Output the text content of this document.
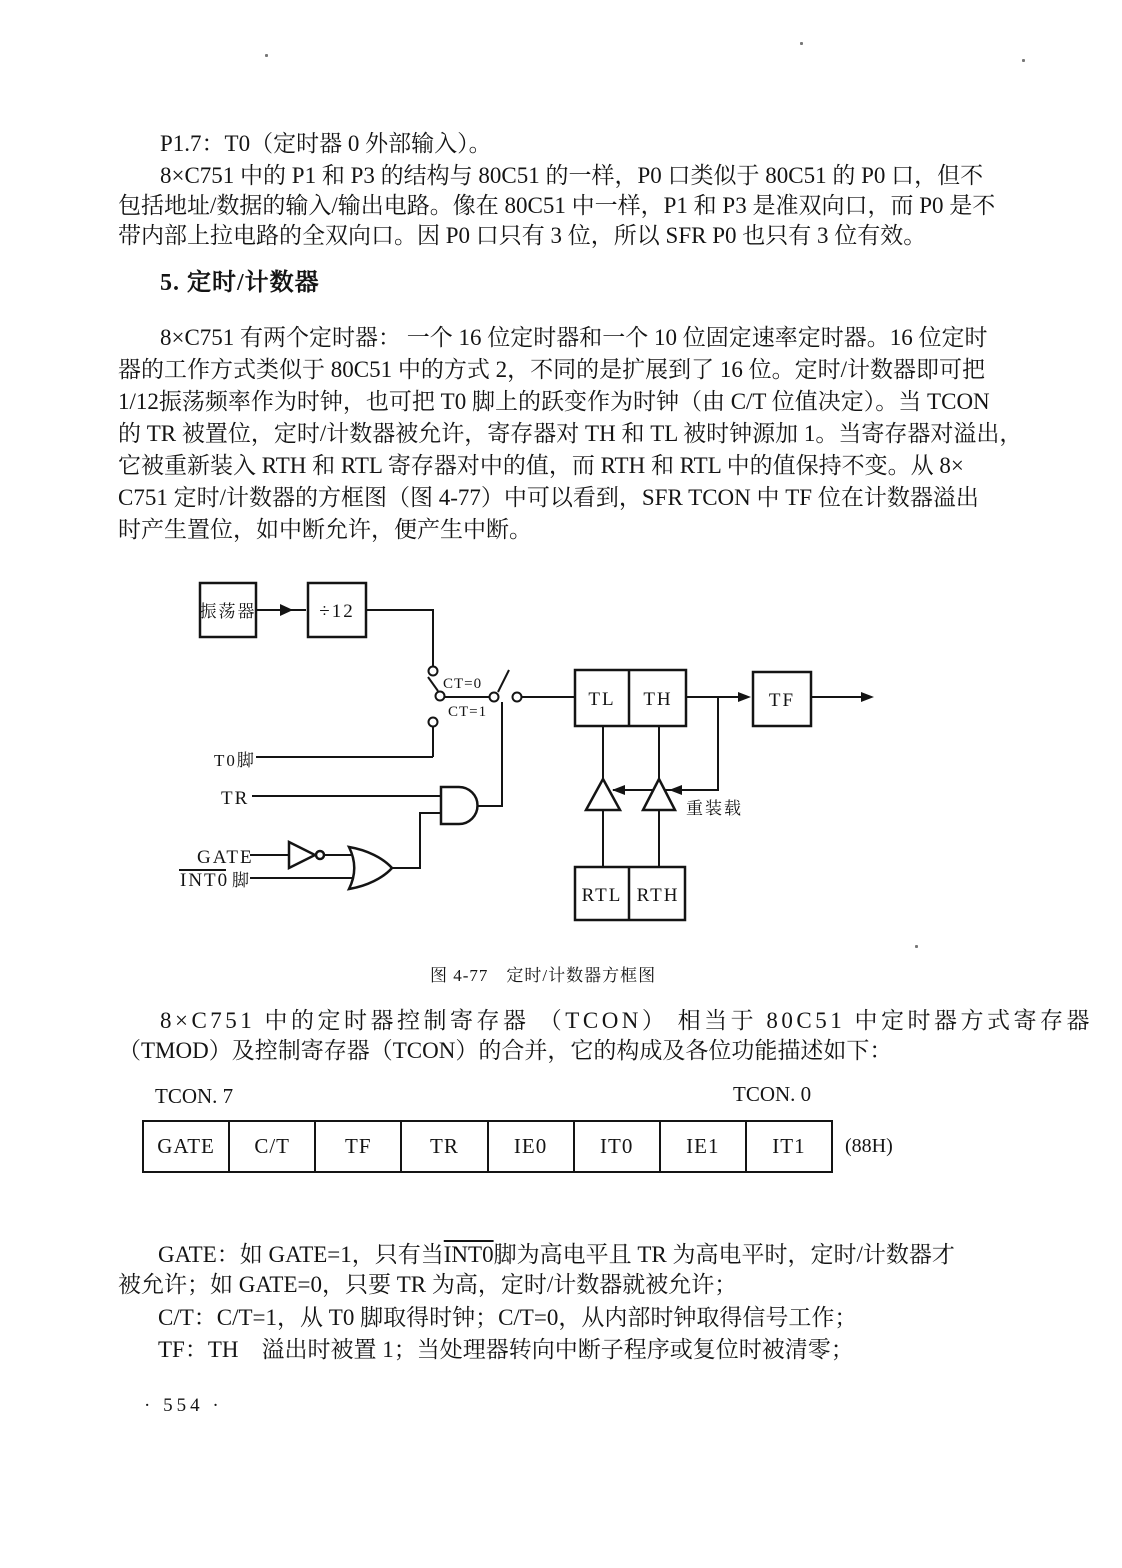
P1.7：T0（定时器 0 外部输入）。
8×C751 中的 P1 和 P3 的结构与 80C51 的一样，P0 口类似于 80C51 的 P0 口，但不
包括地址/数据的输入/输出电路。像在 80C51 中一样，P1 和 P3 是准双向口，而 P0 是不
带内部上拉电路的全双向口。因 P0 口只有 3 位，所以 SFR P0 也只有 3 位有效。
5. 定时/计数器
8×C751 有两个定时器： 一个 16 位定时器和一个 10 位固定速率定时器。16 位定时
器的工作方式类似于 80C51 中的方式 2，不同的是扩展到了 16 位。定时/计数器即可把
1/12振荡频率作为时钟，也可把 T0 脚上的跃变作为时钟（由 C/T 位值决定）。当 TCON
的 TR 被置位，定时/计数器被允许，寄存器对 TH 和 TL 被时钟源加 1。当寄存器对溢出，
它被重新装入 RTH 和 RTL 寄存器对中的值，而 RTH 和 RTL 中的值保持不变。从 8×
C751 定时/计数器的方框图（图 4-77）中可以看到，SFR TCON 中 TF 位在计数器溢出
时产生置位，如中断允许，便产生中断。
振荡器	÷12
CT=0
CT=1
T0脚
TR
GATE
INT0 脚
TL TH	TF
RTL RTH
重装载
图 4-77　定时/计数器方框图
8×C751 中的定时器控制寄存器 （TCON） 相当于 80C51 中定时器方式寄存器
（TMOD）及控制寄存器（TCON）的合并，它的构成及各位功能描述如下：
TCON. 7	TCON. 0
GATE	C/T	TF	TR	IE0	IT0	IE1	IT1	(88H)
GATE：如 GATE=1，只有当INT0脚为高电平且 TR 为高电平时，定时/计数器才
被允许；如 GATE=0，只要 TR 为高，定时/计数器就被允许；
C/T：C/T=1，从 T0 脚取得时钟；C/T=0，从内部时钟取得信号工作；
TF：TH　溢出时被置 1；当处理器转向中断子程序或复位时被清零；
· 554 ·
